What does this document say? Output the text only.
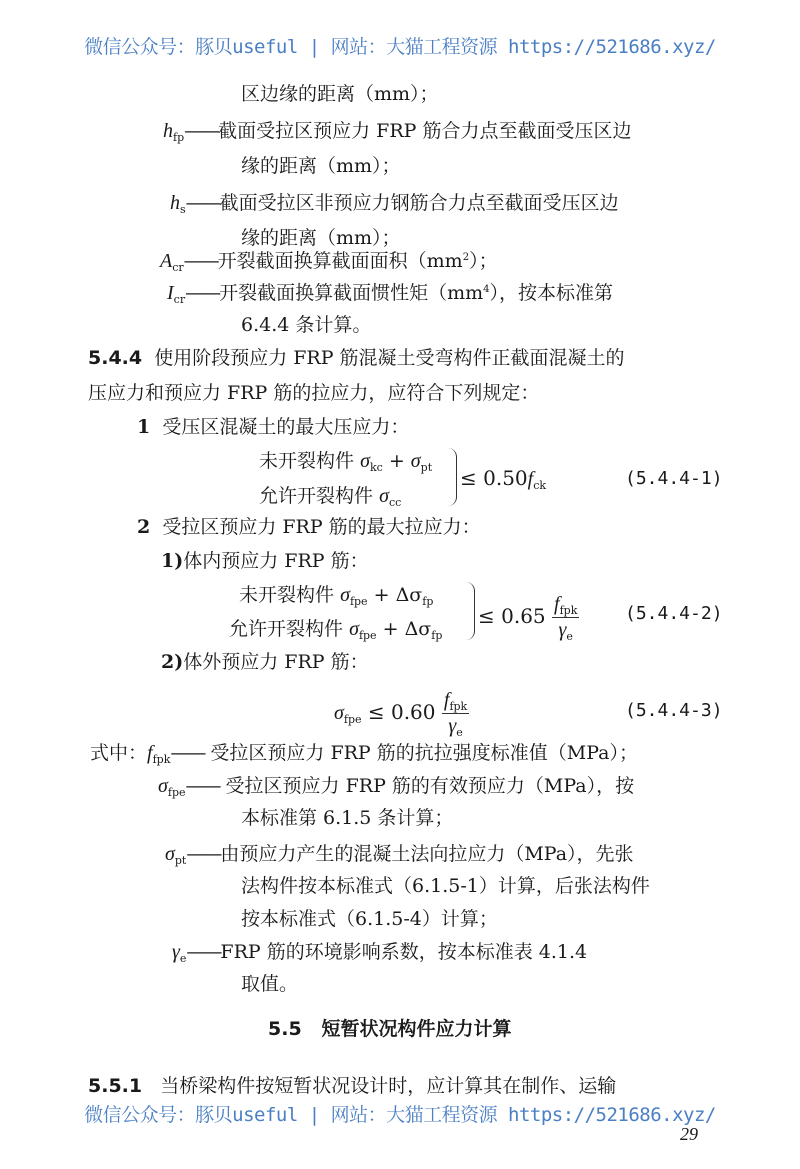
微信公众号：豚贝useful | 网站：大猫工程资源 https://521686.xyz/
区边缘的距离（mm）；
$h_{fp}——$截面受拉区预应力 FRP 筋合力点至截面受压区边
缘的距离（mm）；
$h_s——$截面受拉区非预应力钢筋合力点至截面受压区边
缘的距离（mm）；
$A_{cr}——$开裂截面换算截面面积$(mm^2)$；
$I_{cr}——$开裂截面换算截面惯性矩$(mm^4)$，按本标准第
6.4.4 条计算。
5.4.4 使用阶段预应力 FRP 筋混凝土受弯构件正截面混凝土的
压应力和预应力 FRP 筋的拉应力，应符合下列规定：
1 受压区混凝土的最大压应力：
未开裂构件 $\sigma_{kc} + \sigma_{pt}$
允许开裂构件 $\sigma_{cc}$
≤ $0.50f_{ck}$	(5.4.4-1)
2 受拉区预应力 FRP 筋的最大拉应力：
1)体内预应力 FRP 筋：
未开裂构件 $\sigma_{fpe} + \Delta\sigma_{fp}$
允许开裂构件 $\sigma_{fpe} + \Delta\sigma_{fp}$
≤ $0.65 \frac{f_{fpk}}{\gamma_e}$	(5.4.4-2)
2)体外预应力 FRP 筋：
$\sigma_{fpe} \le 0.60 \frac{f_{fpk}}{\gamma_e}$	(5.4.4-3)
式中：$f_{fpk}——$ 受拉区预应力 FRP 筋的抗拉强度标准值（MPa）；
$\sigma_{fpe}——$ 受拉区预应力 FRP 筋的有效预应力（MPa），按
本标准第 6.1.5 条计算；
$\sigma_{pt}——$由预应力产生的混凝土法向拉应力（MPa），先张
法构件按本标准式（6.1.5-1）计算，后张法构件
按本标准式（6.1.5-4）计算；
$\gamma_e——FRP$ 筋的环境影响系数，按本标准表 4.1.4
取值。
5.5 短暂状况构件应力计算
5.5.1 当桥梁构件按短暂状况设计时，应计算其在制作、运输
微信公众号：豚贝useful | 网站：大猫工程资源 https://521686.xyz/
29
